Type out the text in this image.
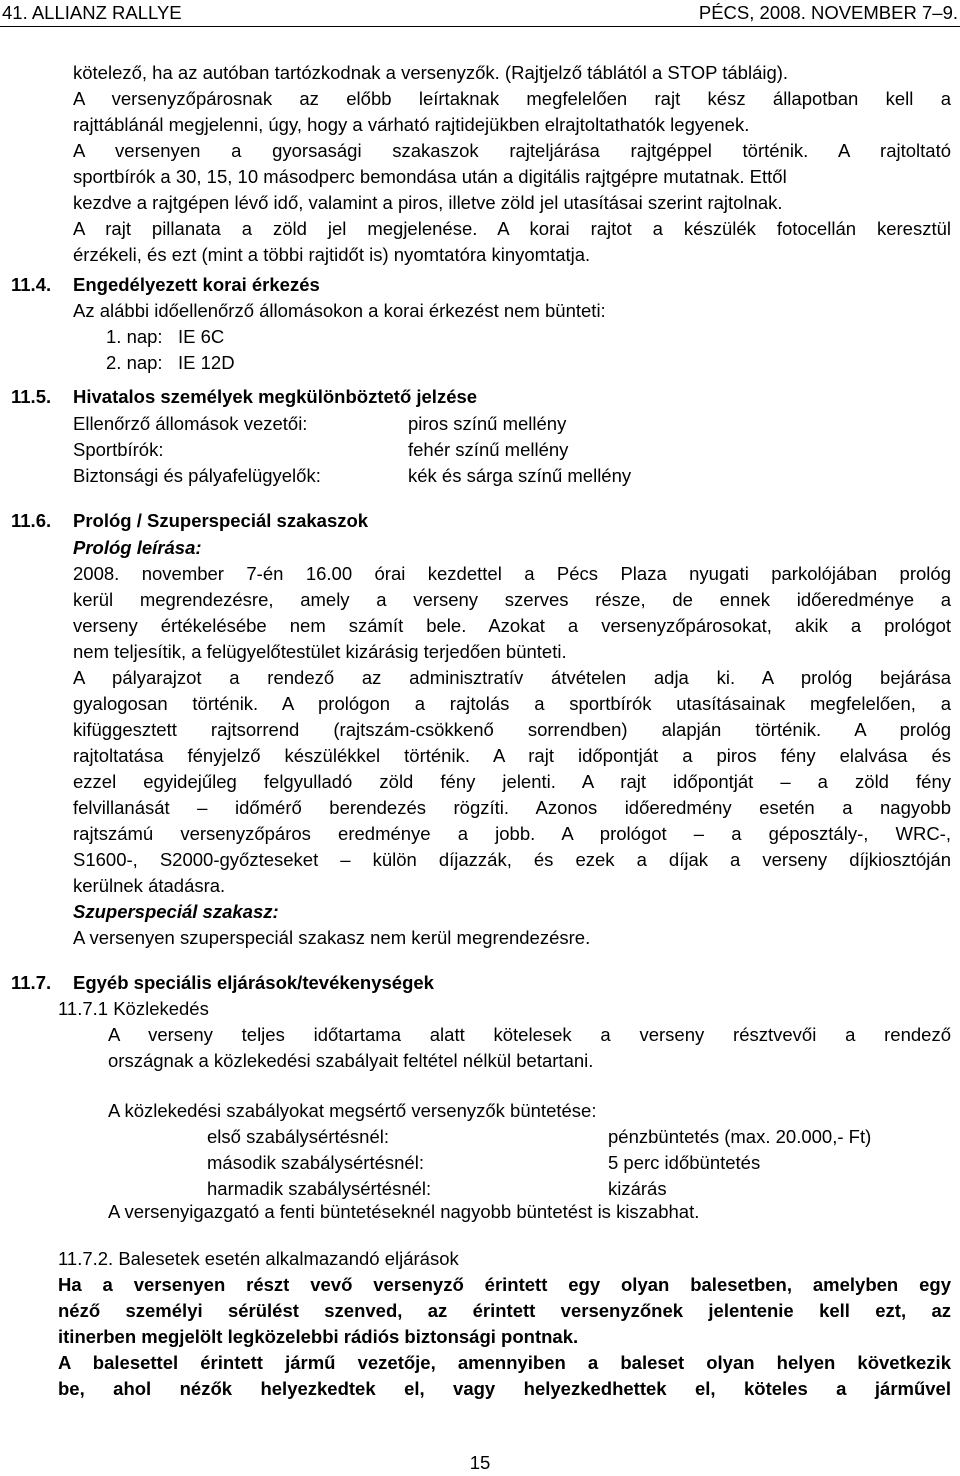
41. ALLIANZ RALLYE	PÉCS, 2008. NOVEMBER 7–9.
kötelező, ha az autóban tartózkodnak a versenyzők. (Rajtjelző táblától a STOP tábláig).
A versenyzőpárosnak az előbb leírtaknak megfelelően rajt kész állapotban kell a
rajttáblánál megjelenni, úgy, hogy a várható rajtidejükben elrajtoltathatók legyenek.
A versenyen a gyorsasági szakaszok rajteljárása rajtgéppel történik. A rajtoltató
sportbírók a 30, 15, 10 másodperc bemondása után a digitális rajtgépre mutatnak. Ettől
kezdve a rajtgépen lévő idő, valamint a piros, illetve zöld jel utasításai szerint rajtolnak.
A rajt pillanata a zöld jel megjelenése. A korai rajtot a készülék fotocellán keresztül
érzékeli, és ezt (mint a többi rajtidőt is) nyomtatóra kinyomtatja.
11.4. Engedélyezett korai érkezés
Az alábbi időellenőrző állomásokon a korai érkezést nem bünteti:
1. nap: IE 6C
2. nap: IE 12D
11.5. Hivatalos személyek megkülönböztető jelzése
Ellenőrző állomások vezetői:	piros színű mellény
Sportbírók:	fehér színű mellény
Biztonsági és pályafelügyelők:	kék és sárga színű mellény
11.6. Prológ / Szuperspeciál szakaszok
Prológ leírása:
2008. november 7-én 16.00 órai kezdettel a Pécs Plaza nyugati parkolójában prológ
kerül megrendezésre, amely a verseny szerves része, de ennek időeredménye a
verseny értékelésébe nem számít bele. Azokat a versenyzőpárosokat, akik a prológot
nem teljesítik, a felügyelőtestület kizárásig terjedően bünteti.
A pályarajzot a rendező az adminisztratív átvételen adja ki. A prológ bejárása
gyalogosan történik. A prológon a rajtolás a sportbírók utasításainak megfelelően, a
kifüggesztett rajtsorrend (rajtszám-csökkenő sorrendben) alapján történik. A prológ
rajtoltatása fényjelző készülékkel történik. A rajt időpontját a piros fény elalvása és
ezzel egyidejűleg felgyulladó zöld fény jelenti. A rajt időpontját – a zöld fény
felvillanását – időmérő berendezés rögzíti. Azonos időeredmény esetén a nagyobb
rajtszámú versenyzőpáros eredménye a jobb. A prológot – a géposztály-, WRC-,
S1600-, S2000-győzteseket – külön díjazzák, és ezek a díjak a verseny díjkiosztóján
kerülnek átadásra.
Szuperspeciál szakasz:
A versenyen szuperspeciál szakasz nem kerül megrendezésre.
11.7. Egyéb speciális eljárások/tevékenységek
11.7.1 Közlekedés
A verseny teljes időtartama alatt kötelesek a verseny résztvevői a rendező
országnak a közlekedési szabályait feltétel nélkül betartani.
A közlekedési szabályokat megsértő versenyzők büntetése:
első szabálysértésnél:	pénzbüntetés (max. 20.000,- Ft)
második szabálysértésnél:	5 perc időbüntetés
harmadik szabálysértésnél:	kizárás
A versenyigazgató a fenti büntetéseknél nagyobb büntetést is kiszabhat.
11.7.2. Balesetek esetén alkalmazandó eljárások
Ha a versenyen részt vevő versenyző érintett egy olyan balesetben, amelyben egy
néző személyi sérülést szenved, az érintett versenyzőnek jelentenie kell ezt, az
itinerben megjelölt legközelebbi rádiós biztonsági pontnak.
A balesettel érintett jármű vezetője, amennyiben a baleset olyan helyen következik
be, ahol nézők helyezkedtek el, vagy helyezkedhettek el, köteles a járművel
15
